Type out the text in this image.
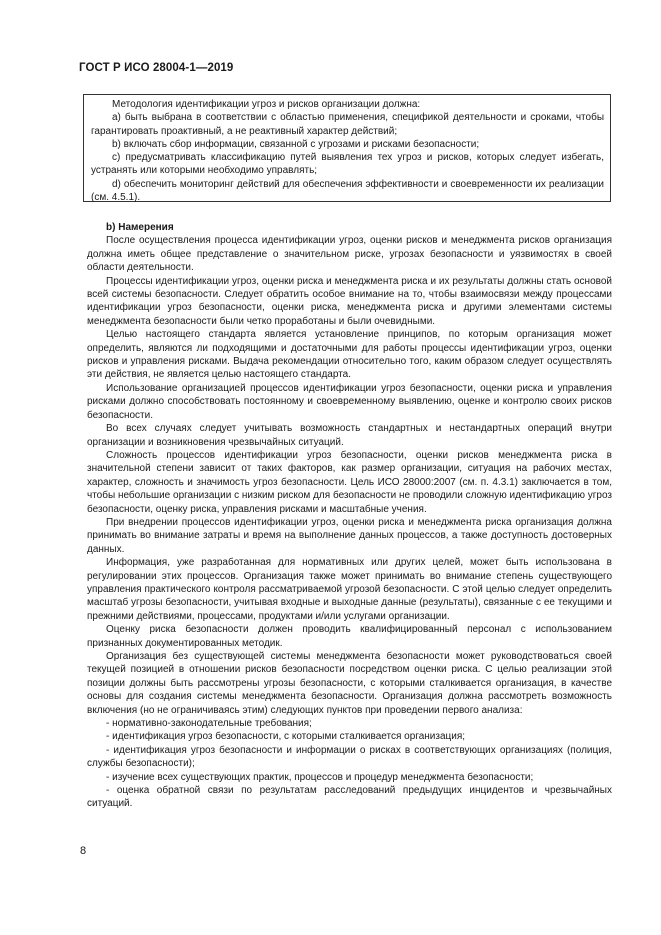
ГОСТ Р ИСО 28004-1—2019

Методология идентификации угроз и рисков организации должна:

a) быть выбрана в соответствии с областью применения, спецификой деятельности и сроками, чтобы гарантировать проактивный, а не реактивный характер действий;

b) включать сбор информации, связанной с угрозами и рисками безопасности;

c) предусматривать классификацию путей выявления тех угроз и рисков, которых следует избегать, устранять или которыми необходимо управлять;

d) обеспечить мониторинг действий для обеспечения эффективности и своевременности их реализации (см. 4.5.1).

b) Намерения

После осуществления процесса идентификации угроз, оценки рисков и менеджмента рисков организация должна иметь общее представление о значительном риске, угрозах безопасности и уязвимостях в своей области деятельности.

Процессы идентификации угроз, оценки риска и менеджмента риска и их результаты должны стать основой всей системы безопасности. Следует обратить особое внимание на то, чтобы взаимосвязи между процессами идентификации угроз безопасности, оценки риска, менеджмента риска и другими элементами системы менеджмента безопасности были четко проработаны и были очевидными.

Целью настоящего стандарта является установление принципов, по которым организация может определить, являются ли подходящими и достаточными для работы процессы идентификации угроз, оценки рисков и управления рисками. Выдача рекомендации относительно того, каким образом следует осуществлять эти действия, не является целью настоящего стандарта.

Использование организацией процессов идентификации угроз безопасности, оценки риска и управления рисками должно способствовать постоянному и своевременному выявлению, оценке и контролю своих рисков безопасности.

Во всех случаях следует учитывать возможность стандартных и нестандартных операций внутри организации и возникновения чрезвычайных ситуаций.

Сложность процессов идентификации угроз безопасности, оценки рисков менеджмента риска в значительной степени зависит от таких факторов, как размер организации, ситуация на рабочих местах, характер, сложность и значимость угроз безопасности. Цель ИСО 28000:2007 (см. п. 4.3.1) заключается в том, чтобы небольшие организации с низким риском для безопасности не проводили сложную идентификацию угроз безопасности, оценку риска, управления рисками и масштабные учения.

При внедрении процессов идентификации угроз, оценки риска и менеджмента риска организация должна принимать во внимание затраты и время на выполнение данных процессов, а также доступность достоверных данных.

Информация, уже разработанная для нормативных или других целей, может быть использована в регулировании этих процессов. Организация также может принимать во внимание степень существующего управления практического контроля рассматриваемой угрозой безопасности. С этой целью следует определить масштаб угрозы безопасности, учитывая входные и выходные данные (результаты), связанные с ее текущими и прежними действиями, процессами, продуктами и/или услугами организации.

Оценку риска безопасности должен проводить квалифицированный персонал с использованием признанных документированных методик.

Организация без существующей системы менеджмента безопасности может руководствоваться своей текущей позицией в отношении рисков безопасности посредством оценки риска. С целью реализации этой позиции должны быть рассмотрены угрозы безопасности, с которыми сталкивается организация, в качестве основы для создания системы менеджмента безопасности. Организация должна рассмотреть возможность включения (но не ограничиваясь этим) следующих пунктов при проведении первого анализа:

- нормативно-законодательные требования;

- идентификация угроз безопасности, с которыми сталкивается организация;

- идентификация угроз безопасности и информации о рисках в соответствующих организациях (полиция, службы безопасности);

- изучение всех существующих практик, процессов и процедур менеджмента безопасности;

- оценка обратной связи по результатам расследований предыдущих инцидентов и чрезвычайных ситуаций.

8
